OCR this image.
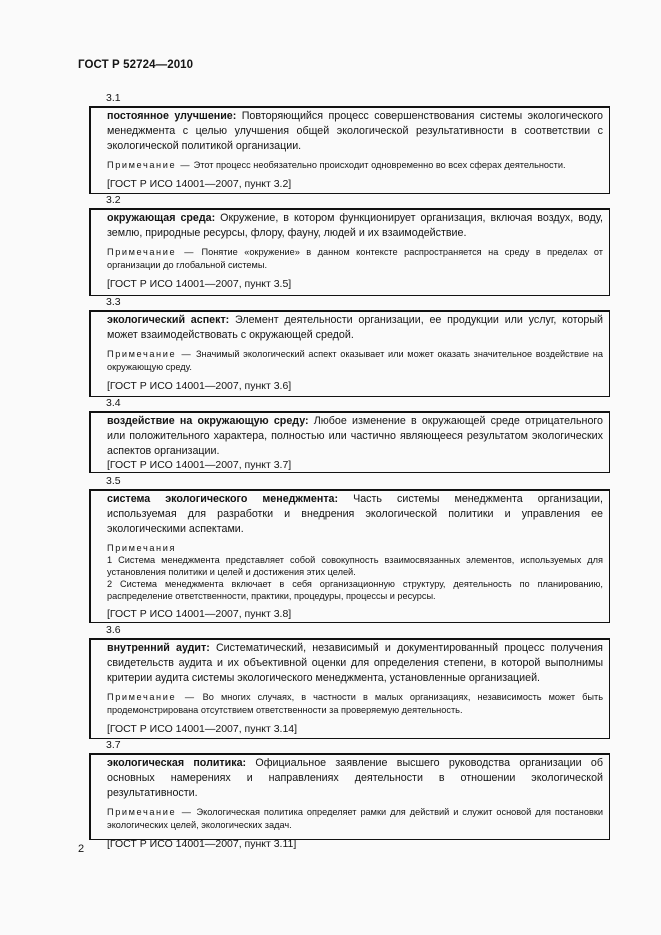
ГОСТ Р 52724—2010
3.1

постоянное улучшение: Повторяющийся процесс совершенствования системы экологического менеджмента с целью улучшения общей экологической результативности в соответствии с экологической политикой организации.

Примечание — Этот процесс необязательно происходит одновременно во всех сферах деятельности.

[ГОСТ Р ИСО 14001—2007, пункт 3.2]

3.2

окружающая среда: Окружение, в котором функционирует организация, включая воздух, воду, землю, природные ресурсы, флору, фауну, людей и их взаимодействие.

Примечание — Понятие «окружение» в данном контексте распространяется на среду в пределах от организации до глобальной системы.

[ГОСТ Р ИСО 14001—2007, пункт 3.5]

3.3

экологический аспект: Элемент деятельности организации, ее продукции или услуг, который может взаимодействовать с окружающей средой.

Примечание — Значимый экологический аспект оказывает или может оказать значительное воздействие на окружающую среду.

[ГОСТ Р ИСО 14001—2007, пункт 3.6]

3.4

воздействие на окружающую среду: Любое изменение в окружающей среде отрицательного или положительного характера, полностью или частично являющееся результатом экологических аспектов организации.

[ГОСТ Р ИСО 14001—2007, пункт 3.7]

3.5

система экологического менеджмента: Часть системы менеджмента организации, используемая для разработки и внедрения экологической политики и управления ее экологическими аспектами.

Примечания

1 Система менеджмента представляет собой совокупность взаимосвязанных элементов, используемых для установления политики и целей и достижения этих целей.

2 Система менеджмента включает в себя организационную структуру, деятельность по планированию, распределение ответственности, практики, процедуры, процессы и ресурсы.

[ГОСТ Р ИСО 14001—2007, пункт 3.8]

3.6

внутренний аудит: Систематический, независимый и документированный процесс получения свидетельств аудита и их объективной оценки для определения степени, в которой выполнимы критерии аудита системы экологического менеджмента, установленные организацией.

Примечание — Во многих случаях, в частности в малых организациях, независимость может быть продемонстрирована отсутствием ответственности за проверяемую деятельность.

[ГОСТ Р ИСО 14001—2007, пункт 3.14]

3.7

экологическая политика: Официальное заявление высшего руководства организации об основных намерениях и направлениях деятельности в отношении экологической результативности.

Примечание — Экологическая политика определяет рамки для действий и служит основой для постановки экологических целей, экологических задач.

[ГОСТ Р ИСО 14001—2007, пункт 3.11]

2
